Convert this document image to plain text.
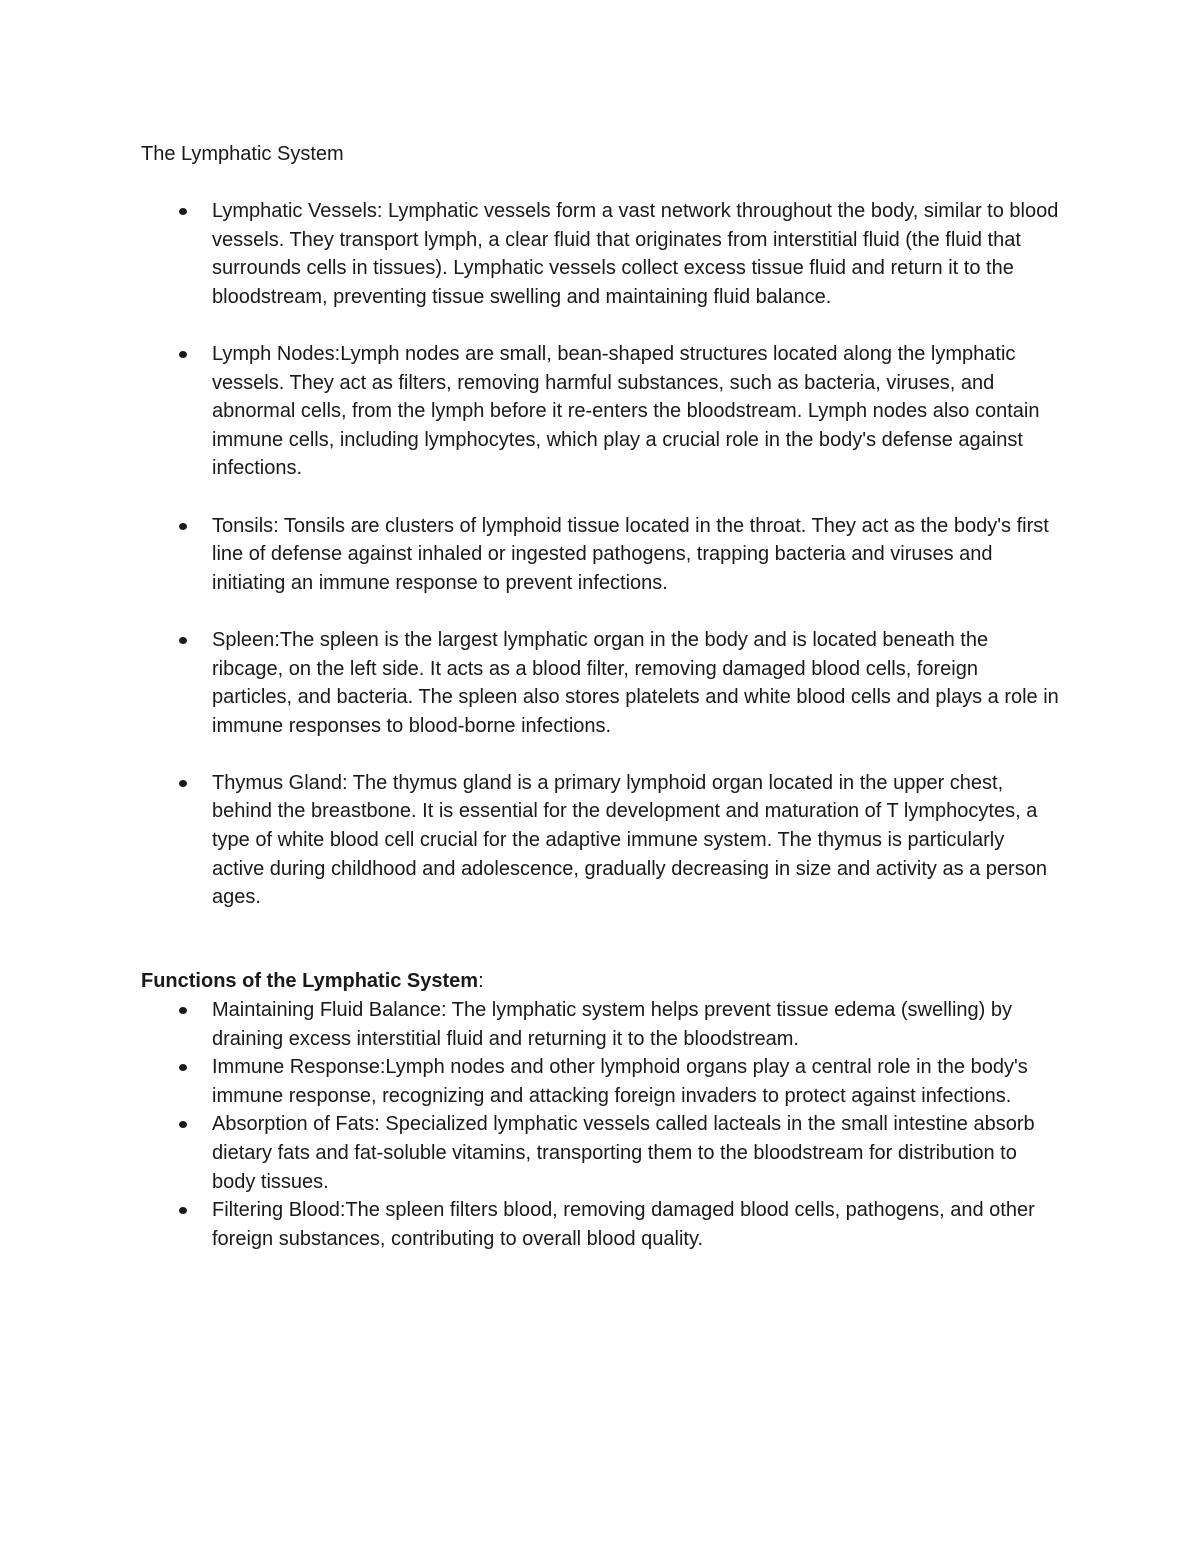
The Lymphatic System
Lymphatic Vessels: Lymphatic vessels form a vast network throughout the body, similar to blood vessels. They transport lymph, a clear fluid that originates from interstitial fluid (the fluid that surrounds cells in tissues). Lymphatic vessels collect excess tissue fluid and return it to the bloodstream, preventing tissue swelling and maintaining fluid balance.
Lymph Nodes:Lymph nodes are small, bean-shaped structures located along the lymphatic vessels. They act as filters, removing harmful substances, such as bacteria, viruses, and abnormal cells, from the lymph before it re-enters the bloodstream. Lymph nodes also contain immune cells, including lymphocytes, which play a crucial role in the body's defense against infections.
Tonsils: Tonsils are clusters of lymphoid tissue located in the throat. They act as the body's first line of defense against inhaled or ingested pathogens, trapping bacteria and viruses and initiating an immune response to prevent infections.
Spleen:The spleen is the largest lymphatic organ in the body and is located beneath the ribcage, on the left side. It acts as a blood filter, removing damaged blood cells, foreign particles, and bacteria. The spleen also stores platelets and white blood cells and plays a role in immune responses to blood-borne infections.
Thymus Gland: The thymus gland is a primary lymphoid organ located in the upper chest, behind the breastbone. It is essential for the development and maturation of T lymphocytes, a type of white blood cell crucial for the adaptive immune system. The thymus is particularly active during childhood and adolescence, gradually decreasing in size and activity as a person ages.
Functions of the Lymphatic System:
Maintaining Fluid Balance: The lymphatic system helps prevent tissue edema (swelling) by draining excess interstitial fluid and returning it to the bloodstream.
Immune Response:Lymph nodes and other lymphoid organs play a central role in the body's immune response, recognizing and attacking foreign invaders to protect against infections.
Absorption of Fats: Specialized lymphatic vessels called lacteals in the small intestine absorb dietary fats and fat-soluble vitamins, transporting them to the bloodstream for distribution to body tissues.
Filtering Blood:The spleen filters blood, removing damaged blood cells, pathogens, and other foreign substances, contributing to overall blood quality.
